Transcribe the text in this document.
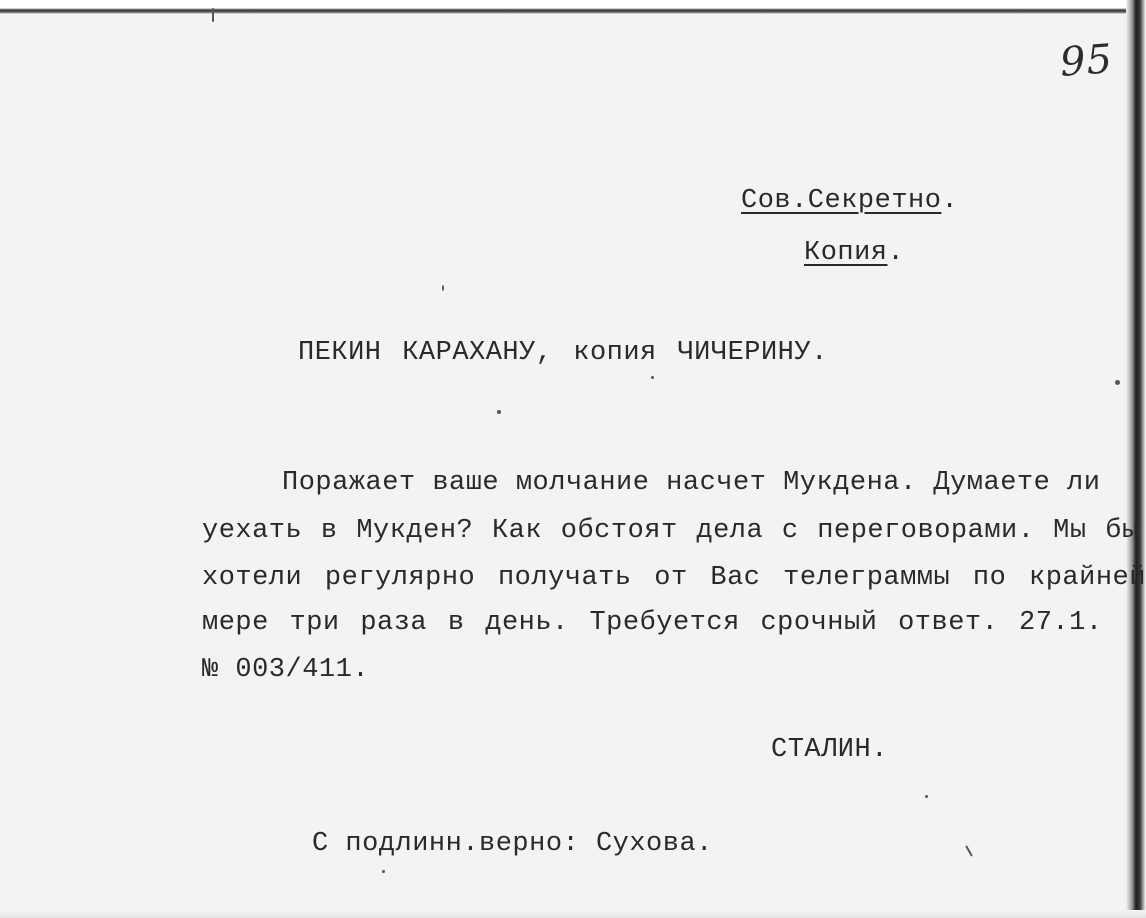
95
Сов.Секретно.
Копия.
ПЕКИН КАРАХАНУ, копия ЧИЧЕРИНУ.
Поражает ваше молчание насчет Мукдена. Думаете ли
уехать в Мукден? Как обстоят дела с переговорами. Мы бы
хотели регулярно получать от Вас телеграммы по крайней
мере три раза в день. Требуется срочный ответ. 27.1.
№ 003/411.
СТАЛИН.
С подлинн.верно: Сухова.
